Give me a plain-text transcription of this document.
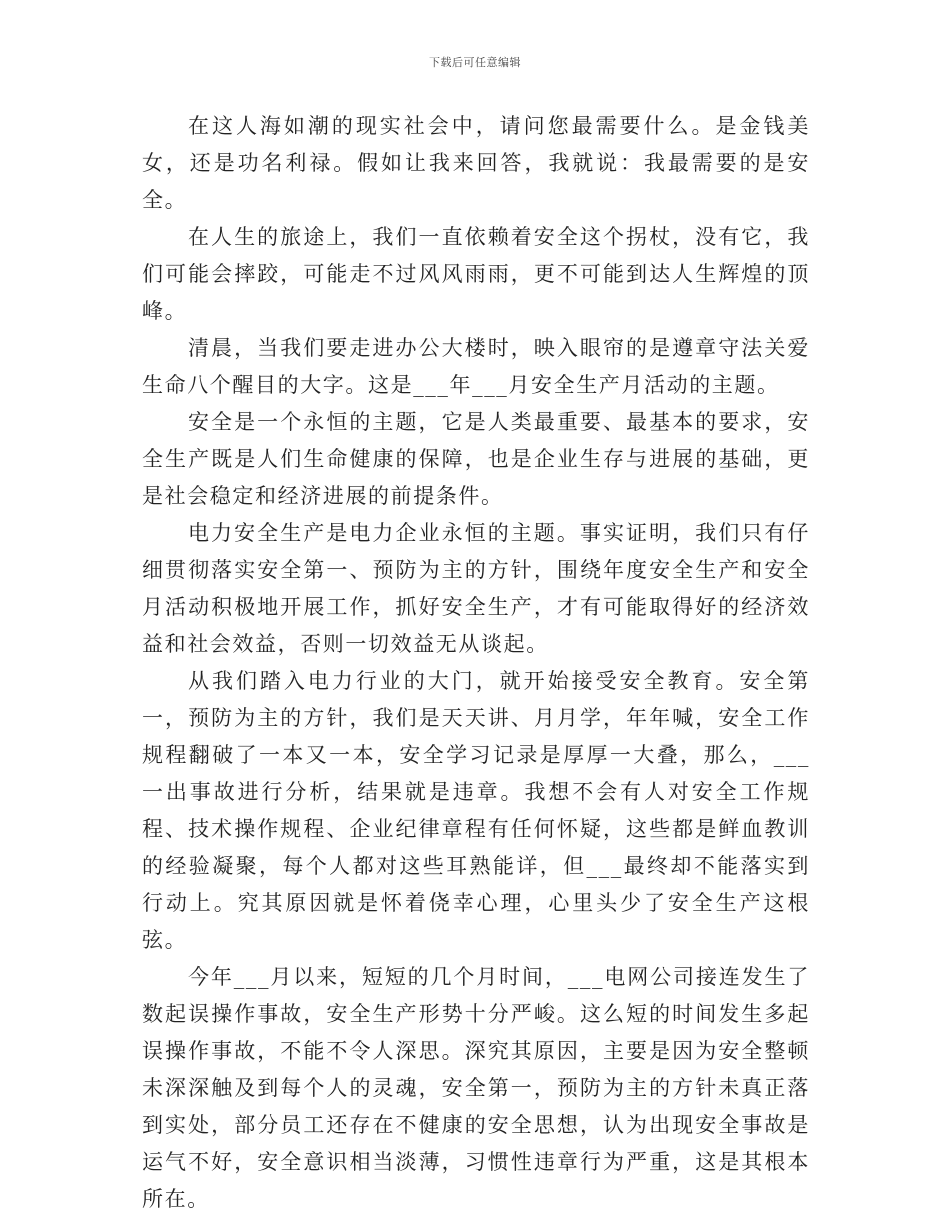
下载后可任意编辑

在这人海如潮的现实社会中，请问您最需要什么。是金钱美女，还是功名利禄。假如让我来回答，我就说：我最需要的是安全。

在人生的旅途上，我们一直依赖着安全这个拐杖，没有它，我们可能会摔跤，可能走不过风风雨雨，更不可能到达人生辉煌的顶峰。

清晨，当我们要走进办公大楼时，映入眼帘的是遵章守法关爱生命八个醒目的大字。这是___年___月安全生产月活动的主题。

安全是一个永恒的主题，它是人类最重要、最基本的要求，安全生产既是人们生命健康的保障，也是企业生存与进展的基础，更是社会稳定和经济进展的前提条件。

电力安全生产是电力企业永恒的主题。事实证明，我们只有仔细贯彻落实安全第一、预防为主的方针，围绕年度安全生产和安全月活动积极地开展工作，抓好安全生产，才有可能取得好的经济效益和社会效益，否则一切效益无从谈起。

从我们踏入电力行业的大门，就开始接受安全教育。安全第一，预防为主的方针，我们是天天讲、月月学，年年喊，安全工作规程翻破了一本又一本，安全学习记录是厚厚一大叠，那么，___一出事故进行分析，结果就是违章。我想不会有人对安全工作规程、技术操作规程、企业纪律章程有任何怀疑，这些都是鲜血教训的经验凝聚，每个人都对这些耳熟能详，但___最终却不能落实到行动上。究其原因就是怀着侥幸心理，心里头少了安全生产这根弦。

今年___月以来，短短的几个月时间，___电网公司接连发生了数起误操作事故，安全生产形势十分严峻。这么短的时间发生多起误操作事故，不能不令人深思。深究其原因，主要是因为安全整顿未深深触及到每个人的灵魂，安全第一，预防为主的方针未真正落到实处，部分员工还存在不健康的安全思想，认为出现安全事故是运气不好，安全意识相当淡薄，习惯性违章行为严重，这是其根本所在。
